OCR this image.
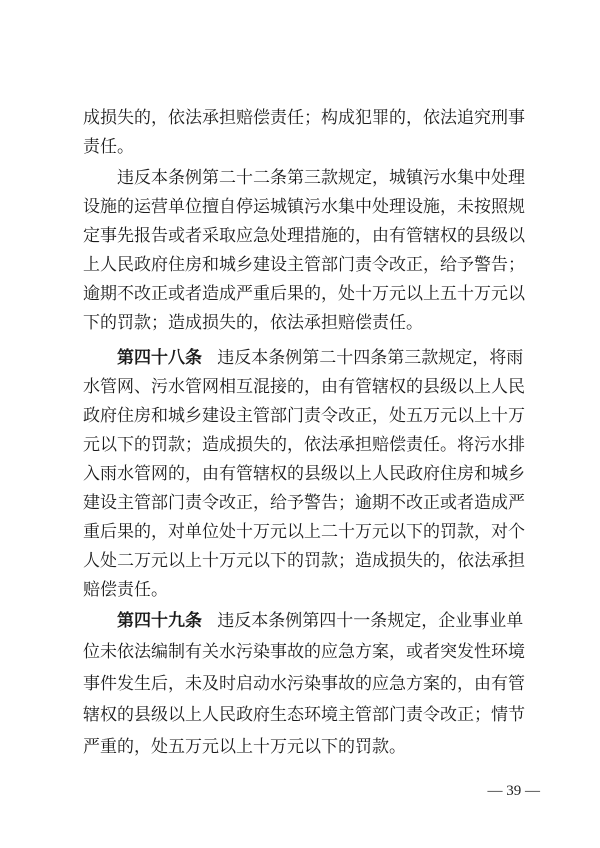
成损失的，依法承担赔偿责任；构成犯罪的，依法追究刑事
责任。
违反本条例第二十二条第三款规定，城镇污水集中处理
设施的运营单位擅自停运城镇污水集中处理设施，未按照规
定事先报告或者采取应急处理措施的，由有管辖权的县级以
上人民政府住房和城乡建设主管部门责令改正，给予警告；
逾期不改正或者造成严重后果的，处十万元以上五十万元以
下的罚款；造成损失的，依法承担赔偿责任。
第四十八条 违反本条例第二十四条第三款规定，将雨
水管网、污水管网相互混接的，由有管辖权的县级以上人民
政府住房和城乡建设主管部门责令改正，处五万元以上十万
元以下的罚款；造成损失的，依法承担赔偿责任。将污水排
入雨水管网的，由有管辖权的县级以上人民政府住房和城乡
建设主管部门责令改正，给予警告；逾期不改正或者造成严
重后果的，对单位处十万元以上二十万元以下的罚款，对个
人处二万元以上十万元以下的罚款；造成损失的，依法承担
赔偿责任。
第四十九条 违反本条例第四十一条规定，企业事业单
位未依法编制有关水污染事故的应急方案，或者突发性环境
事件发生后，未及时启动水污染事故的应急方案的，由有管
辖权的县级以上人民政府生态环境主管部门责令改正；情节
严重的，处五万元以上十万元以下的罚款。
— 39 —
